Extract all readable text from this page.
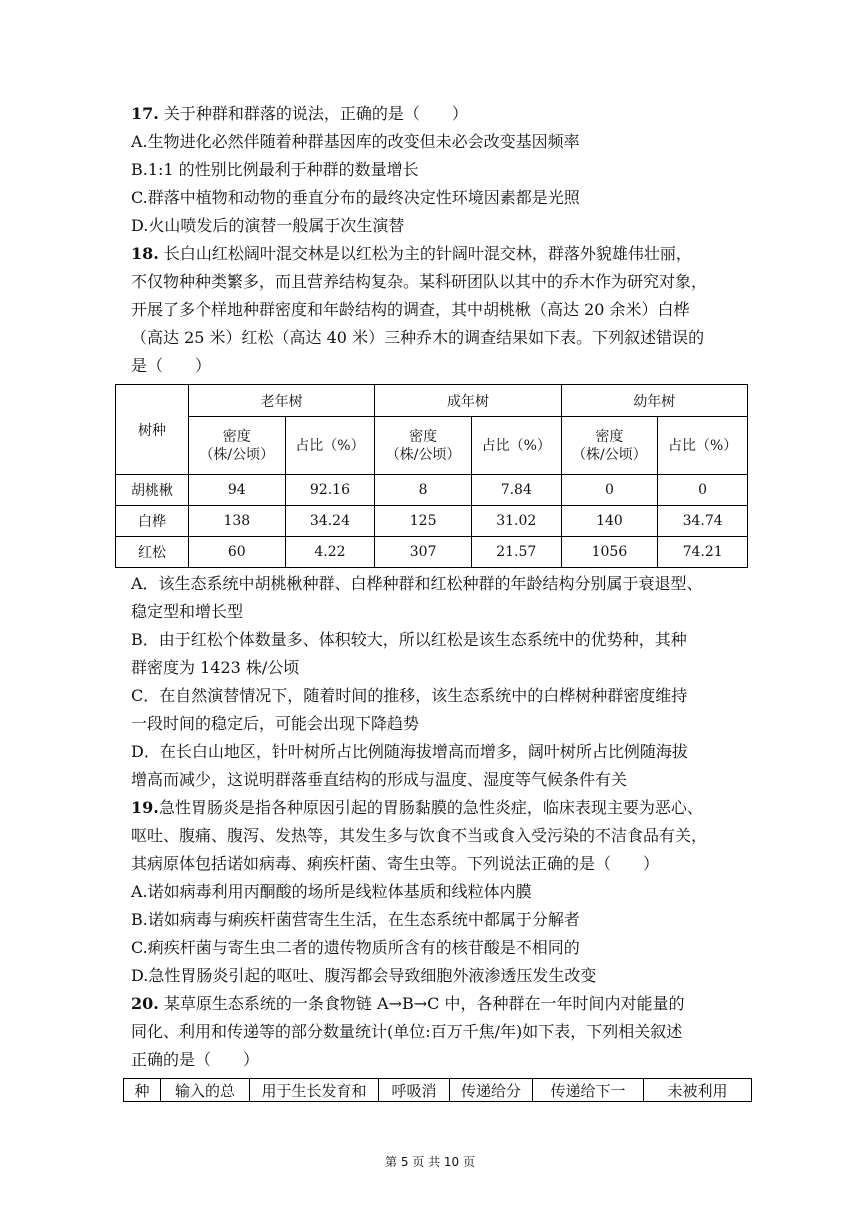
17. 关于种群和群落的说法，正确的是（　　）
A.生物进化必然伴随着种群基因库的改变但未必会改变基因频率
B.1:1 的性别比例最利于种群的数量增长
C.群落中植物和动物的垂直分布的最终决定性环境因素都是光照
D.火山喷发后的演替一般属于次生演替
18. 长白山红松阔叶混交林是以红松为主的针阔叶混交林，群落外貌雄伟壮丽，
不仅物种种类繁多，而且营养结构复杂。某科研团队以其中的乔木作为研究对象，
开展了多个样地种群密度和年龄结构的调查，其中胡桃楸（高达 20 余米）白桦
（高达 25 米）红松（高达 40 米）三种乔木的调查结果如下表。下列叙述错误的
是（　　）
树种	老年树		成年树		幼年树	
	密度
（株/公顷）	占比（%）	密度
（株/公顷）	占比（%）	密度
（株/公顷）	占比（%）
胡桃楸	94	92.16	8	7.84	0	0
白桦	138	34.24	125	31.02	140	34.74
红松	60	4.22	307	21.57	1056	74.21
A．该生态系统中胡桃楸种群、白桦种群和红松种群的年龄结构分别属于衰退型、
稳定型和增长型
B．由于红松个体数量多、体积较大，所以红松是该生态系统中的优势种，其种
群密度为 1423 株/公顷
C．在自然演替情况下，随着时间的推移，该生态系统中的白桦树种群密度维持
一段时间的稳定后，可能会出现下降趋势
D．在长白山地区，针叶树所占比例随海拔增高而增多，阔叶树所占比例随海拔
增高而减少，这说明群落垂直结构的形成与温度、湿度等气候条件有关
19.急性胃肠炎是指各种原因引起的胃肠黏膜的急性炎症，临床表现主要为恶心、
呕吐、腹痛、腹泻、发热等，其发生多与饮食不当或食入受污染的不洁食品有关，
其病原体包括诺如病毒、痢疾杆菌、寄生虫等。下列说法正确的是（　　）
A.诺如病毒利用丙酮酸的场所是线粒体基质和线粒体内膜
B.诺如病毒与痢疾杆菌营寄生生活，在生态系统中都属于分解者
C.痢疾杆菌与寄生虫二者的遗传物质所含有的核苷酸是不相同的
D.急性胃肠炎引起的呕吐、腹泻都会导致细胞外液渗透压发生改变
20. 某草原生态系统的一条食物链 A→B→C 中，各种群在一年时间内对能量的
同化、利用和传递等的部分数量统计(单位:百万千焦/年)如下表，下列相关叙述
正确的是（　　）
种	输入的总	用于生长发育和	呼吸消	传递给分	传递给下一	未被利用
第 5 页 共 10 页
